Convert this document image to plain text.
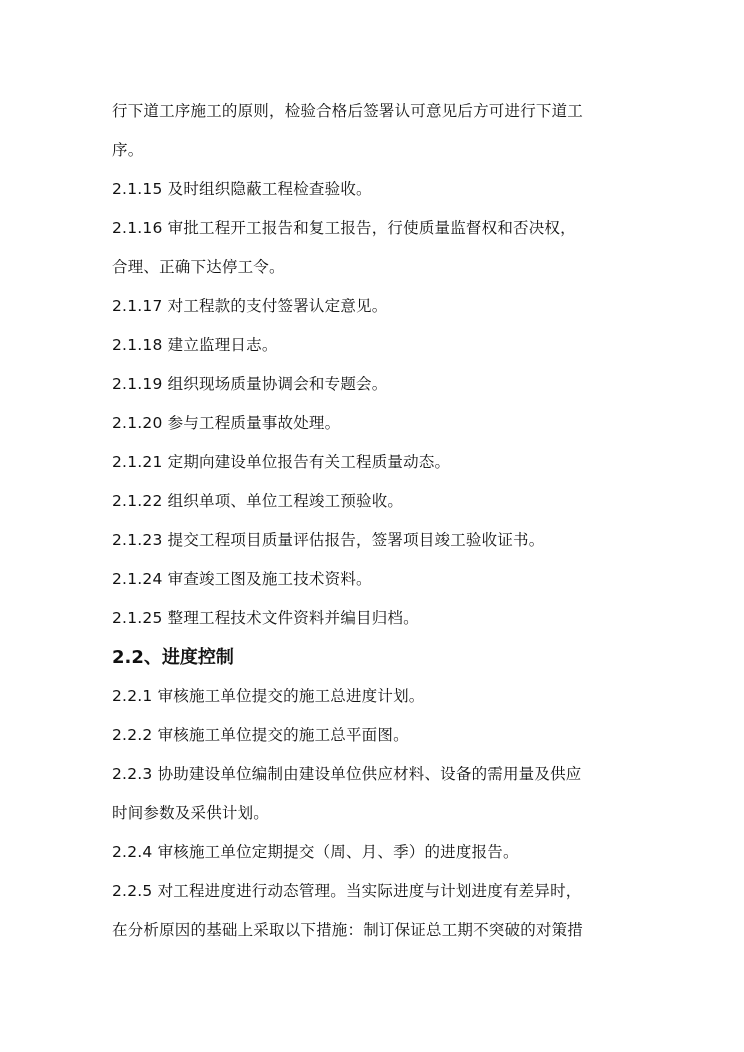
行下道工序施工的原则，检验合格后签署认可意见后方可进行下道工
序。
2.1.15 及时组织隐蔽工程检查验收。
2.1.16 审批工程开工报告和复工报告，行使质量监督权和否决权，
合理、正确下达停工令。
2.1.17 对工程款的支付签署认定意见。
2.1.18 建立监理日志。
2.1.19 组织现场质量协调会和专题会。
2.1.20 参与工程质量事故处理。
2.1.21 定期向建设单位报告有关工程质量动态。
2.1.22 组织单项、单位工程竣工预验收。
2.1.23 提交工程项目质量评估报告，签署项目竣工验收证书。
2.1.24 审查竣工图及施工技术资料。
2.1.25 整理工程技术文件资料并编目归档。
2.2、进度控制
2.2.1 审核施工单位提交的施工总进度计划。
2.2.2 审核施工单位提交的施工总平面图。
2.2.3 协助建设单位编制由建设单位供应材料、设备的需用量及供应
时间参数及采供计划。
2.2.4 审核施工单位定期提交（周、月、季）的进度报告。
2.2.5 对工程进度进行动态管理。当实际进度与计划进度有差异时，
在分析原因的基础上采取以下措施：制订保证总工期不突破的对策措
